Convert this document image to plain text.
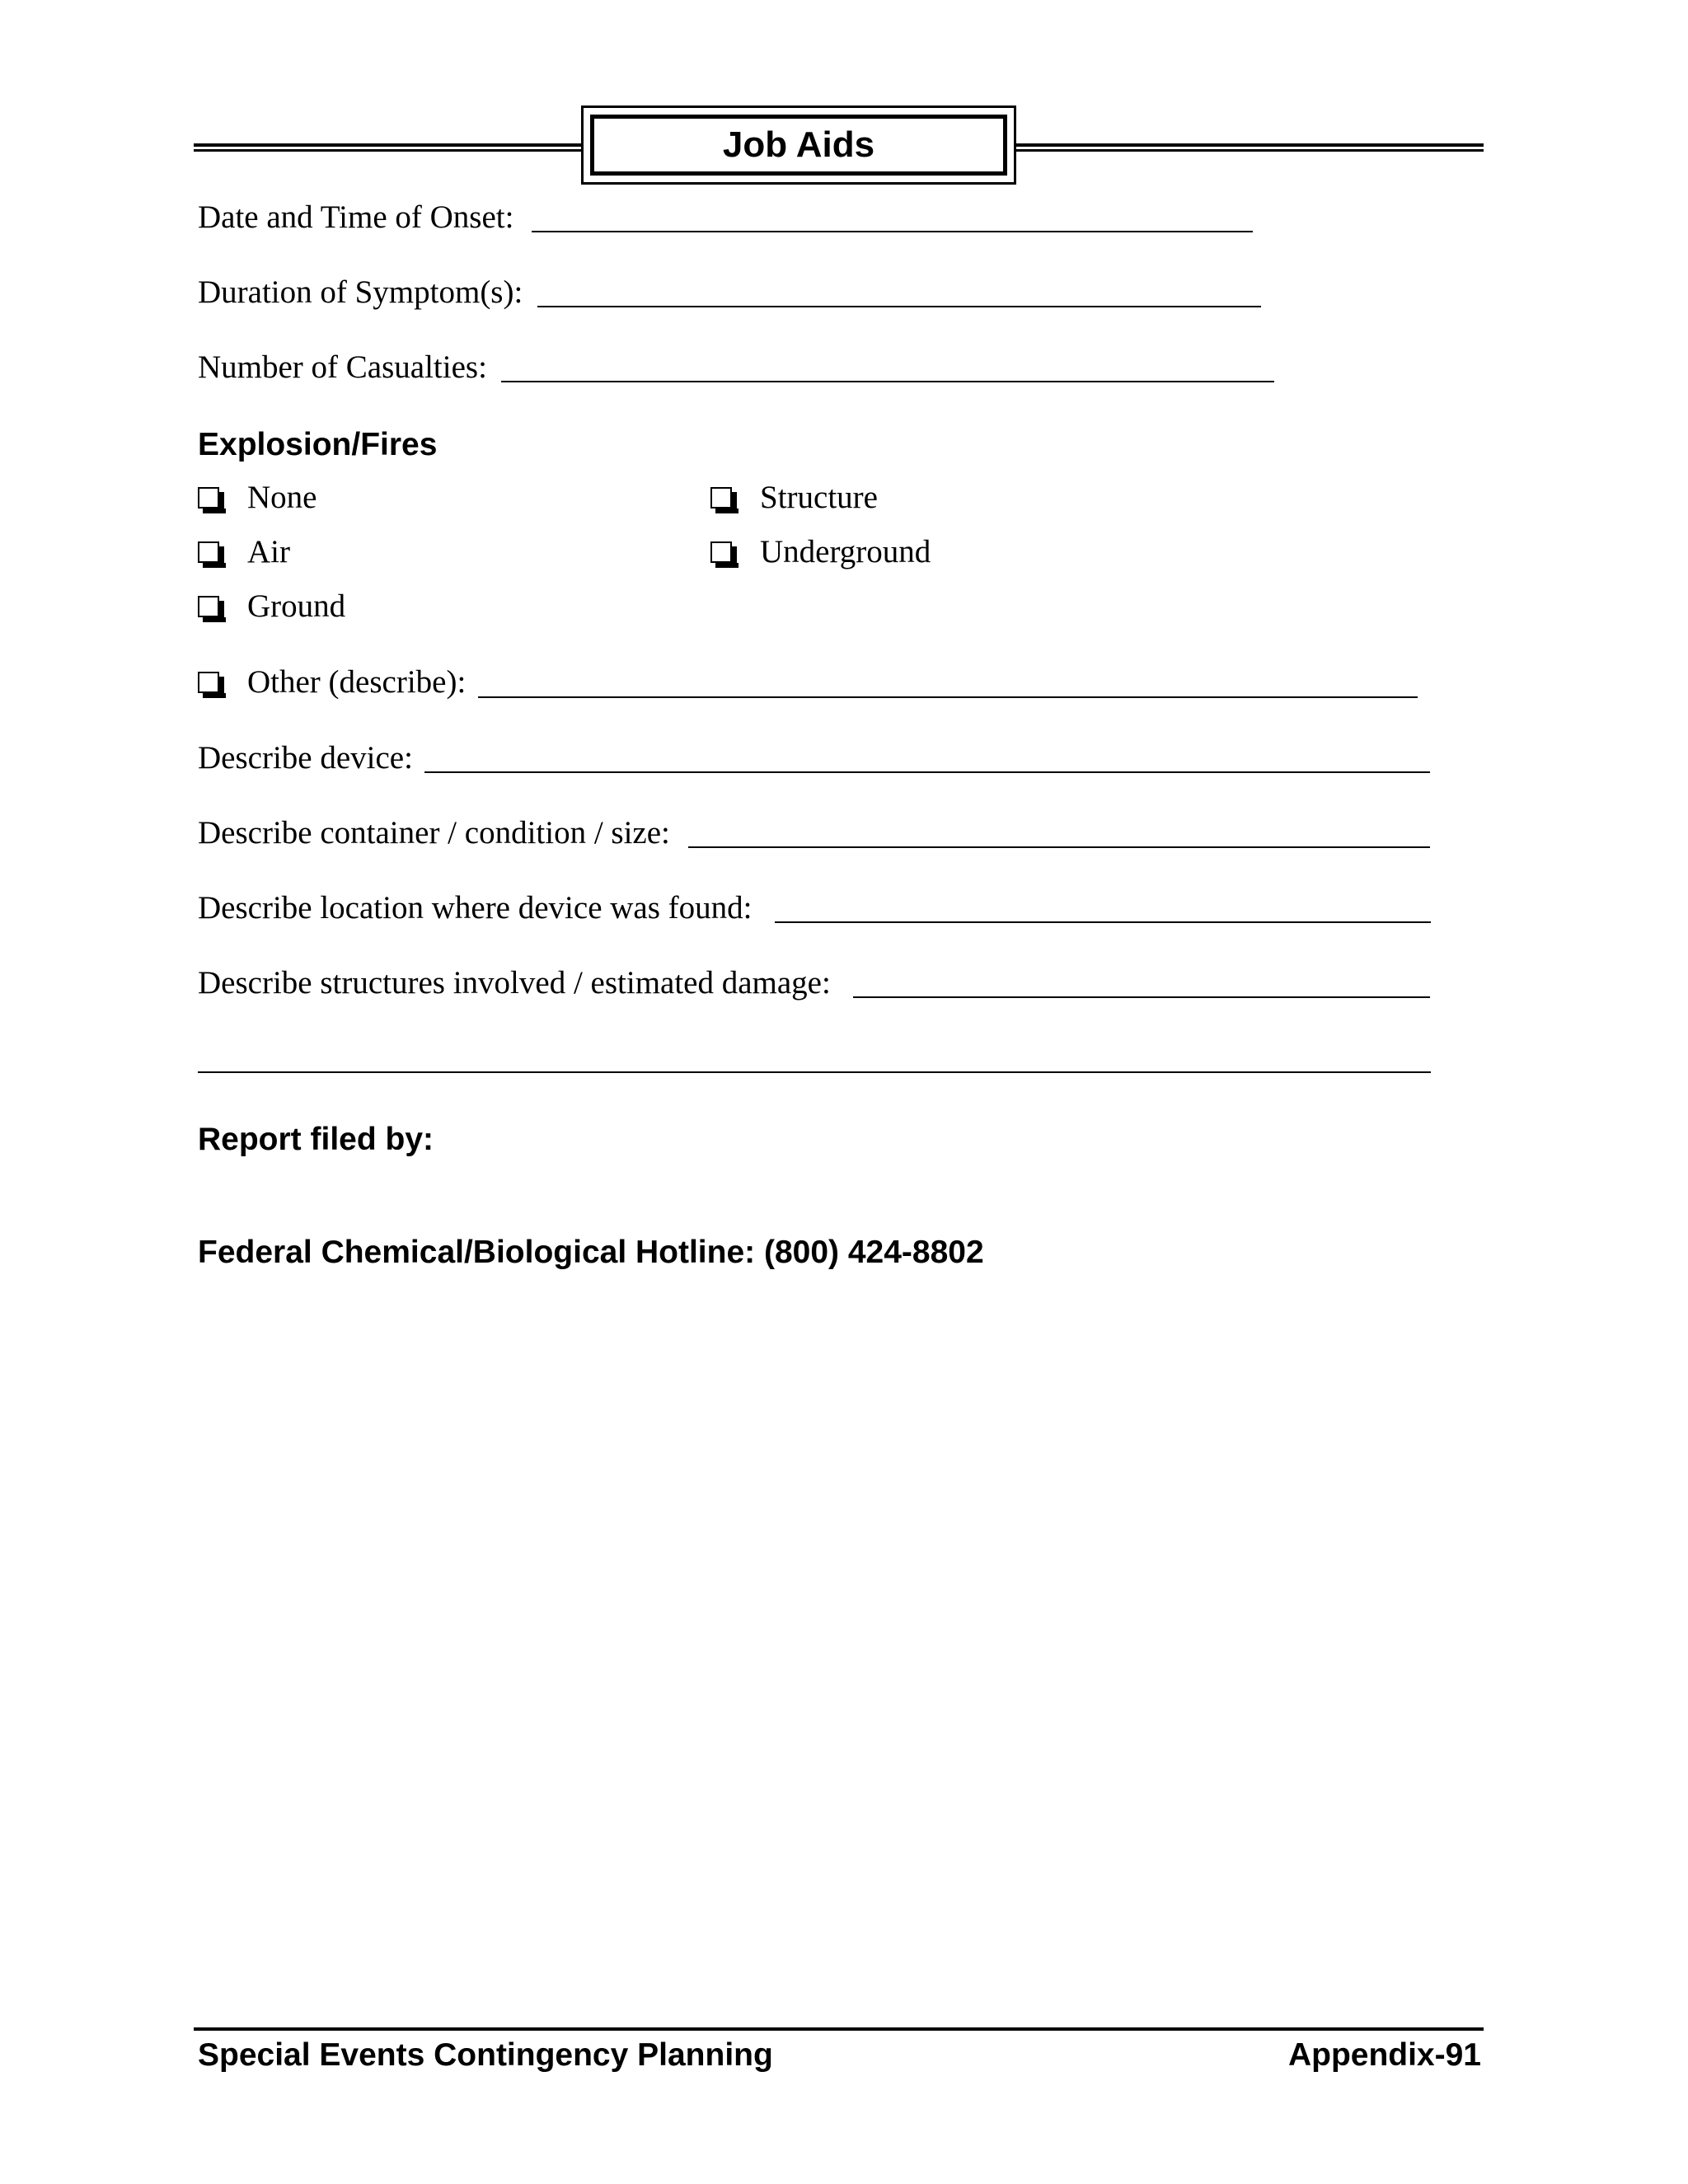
Job Aids
Date and Time of Onset:
Duration of Symptom(s):
Number of Casualties:
Explosion/Fires
None
Air
Ground
Structure
Underground
Other (describe):
Describe device:
Describe container / condition / size:
Describe location where device was found:
Describe structures involved / estimated damage:
Report filed by:
Federal Chemical/Biological Hotline: (800) 424-8802
Special Events Contingency Planning	Appendix-91
